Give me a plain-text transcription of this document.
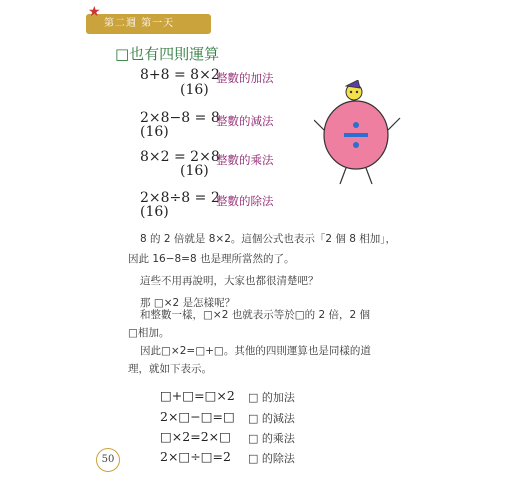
★
第二週 第一天
□也有四則運算
8+8 = 8×2
(16)
整數的加法
2×8−8 = 8
(16)
整數的減法
8×2 = 2×8
(16)
整數的乘法
2×8÷8 = 2
(16)
整數的除法
8 的 2 倍就是 8×2。這個公式也表示「2 個 8 相加」，
因此 16−8=8 也是理所當然的了。
這些不用再說明，大家也都很清楚吧？
那 □×2 是怎樣呢？
和整數一樣，□×2 也就表示等於□的 2 倍，2 個
□相加。
因此□×2=□+□。其他的四則運算也是同樣的道
理，就如下表示。
□+□=□×2 □ 的加法
2×□−□=□ □ 的減法
□×2=2×□ □ 的乘法
2×□÷□=2 □ 的除法
50
